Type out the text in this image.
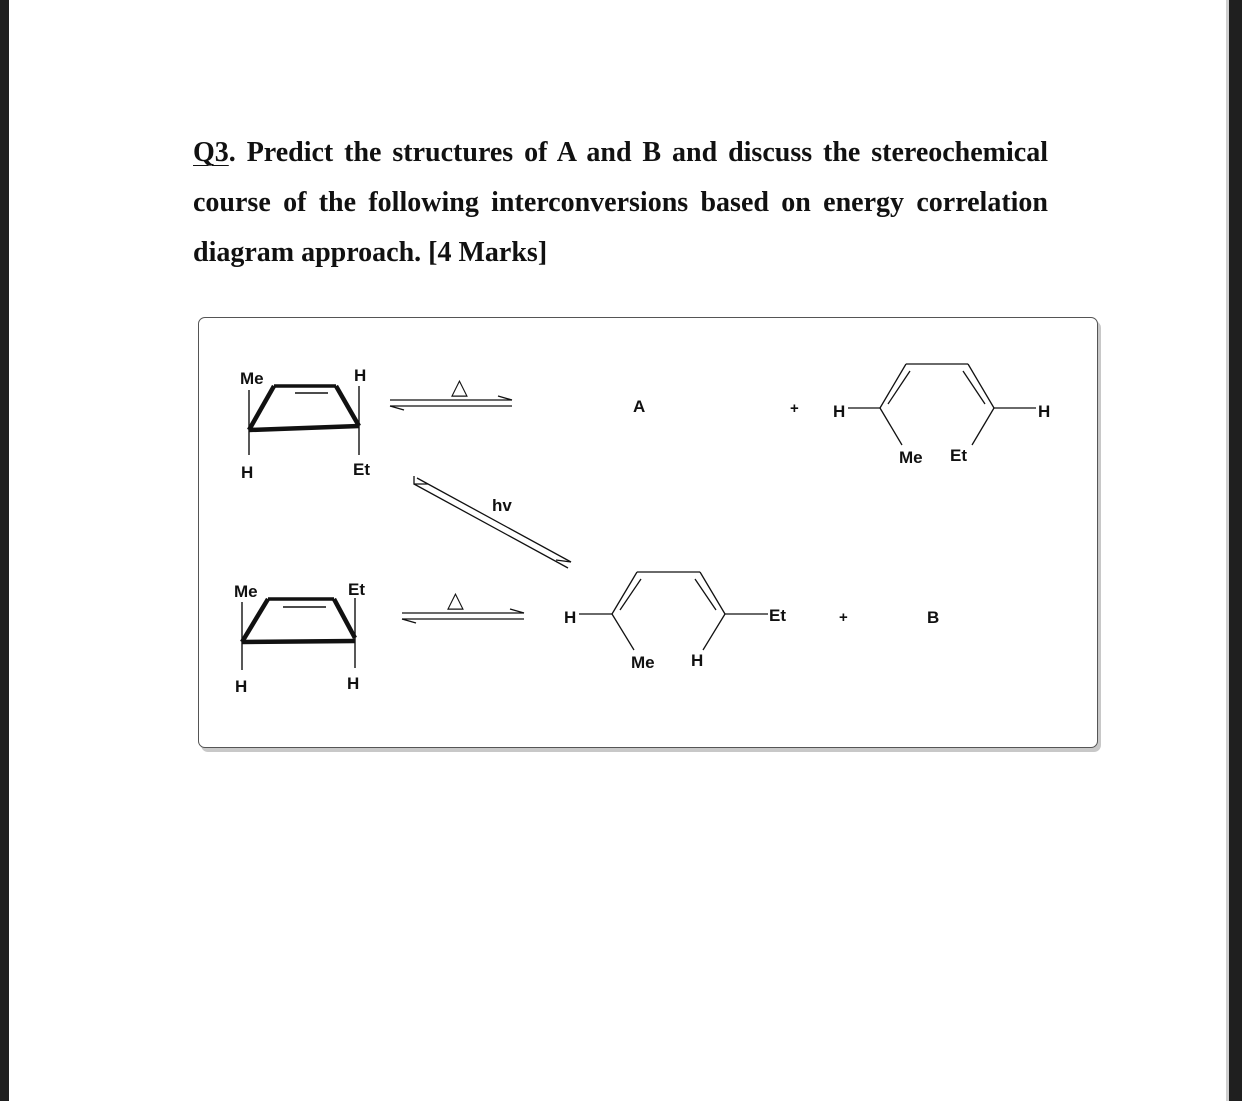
Q3. Predict the structures of A and B and discuss the stereochemical
course of the following interconversions based on energy correlation
diagram approach. [4 Marks]
Me	H
H	Et
△
A	+ H	H
Me Et
hv
Me	Et
H	H
△
H	Et
Me H
+	B
